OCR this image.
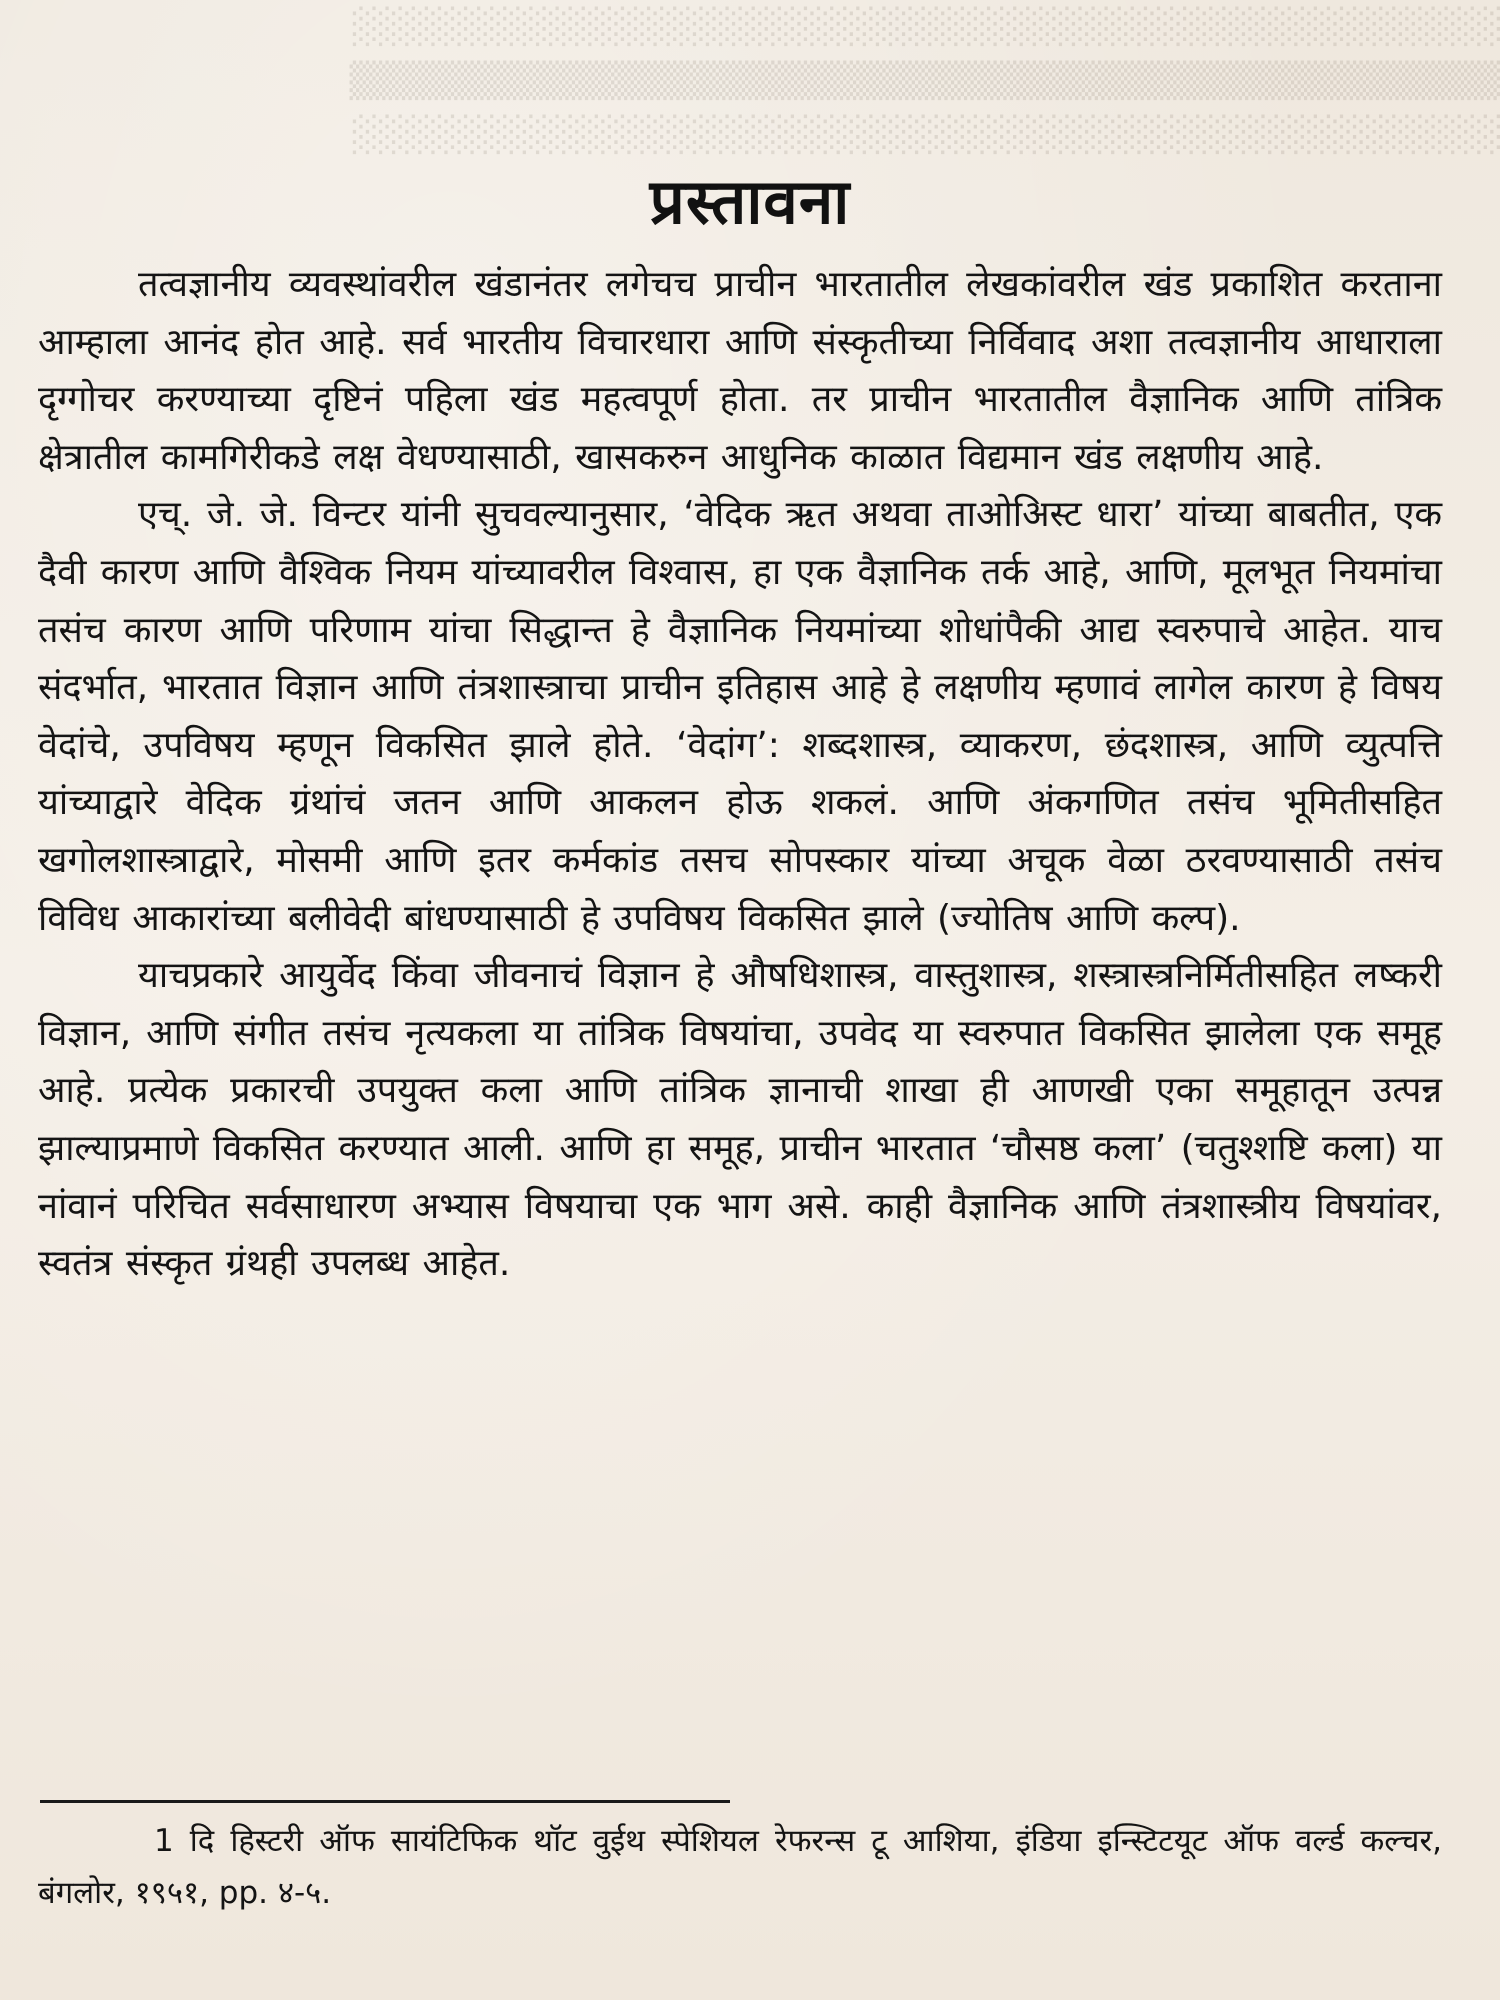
░░░░░░░░░░░░░░░░░░░░░░░░░░░░░░░░░░░░░░░░░░░░
▒▒▒▒▒▒▒▒▒▒▒▒▒▒▒▒▒▒▒▒▒▒▒▒▒▒▒▒▒▒▒▒▒▒▒▒▒▒▒▒▒▒▒▒
░░░░░░░░░░░░░░░░░░░░░░░░░░░░░░░░░░░░░░░░░░░░
प्रस्तावना

तत्वज्ञानीय व्यवस्थांवरील खंडानंतर लगेचच प्राचीन भारतातील लेखकांवरील खंड प्रकाशित करताना आम्हाला आनंद होत आहे. सर्व भारतीय विचारधारा आणि संस्कृतीच्या निर्विवाद अशा तत्वज्ञानीय आधाराला दृग्गोचर करण्याच्या दृष्टिनं पहिला खंड महत्वपूर्ण होता. तर प्राचीन भारतातील वैज्ञानिक आणि तांत्रिक क्षेत्रातील कामगिरीकडे लक्ष वेधण्यासाठी, खासकरुन आधुनिक काळात विद्यमान खंड लक्षणीय आहे.

एच्. जे. जे. विन्टर यांनी सुचवल्यानुसार, ‘वेदिक ऋत अथवा ताओअिस्ट धारा’ यांच्या बाबतीत, एक दैवी कारण आणि वैश्विक नियम यांच्यावरील विश्वास, हा एक वैज्ञानिक तर्क आहे, आणि, मूलभूत नियमांचा तसंच कारण आणि परिणाम यांचा सिद्धान्त हे वैज्ञानिक नियमांच्या शोधांपैकी आद्य स्वरुपाचे आहेत. याच संदर्भात, भारतात विज्ञान आणि तंत्रशास्त्राचा प्राचीन इतिहास आहे हे लक्षणीय म्हणावं लागेल कारण हे विषय वेदांचे, उपविषय म्हणून विकसित झाले होते. ‘वेदांग’: शब्दशास्त्र, व्याकरण, छंदशास्त्र, आणि व्युत्पत्ति यांच्याद्वारे वेदिक ग्रंथांचं जतन आणि आकलन होऊ शकलं. आणि अंकगणित तसंच भूमितीसहित खगोलशास्त्राद्वारे, मोसमी आणि इतर कर्मकांड तसच सोपस्कार यांच्या अचूक वेळा ठरवण्यासाठी तसंच विविध आकारांच्या बलीवेदी बांधण्यासाठी हे उपविषय विकसित झाले (ज्योतिष आणि कल्प).

याचप्रकारे आयुर्वेद किंवा जीवनाचं विज्ञान हे औषधिशास्त्र, वास्तुशास्त्र, शस्त्रास्त्रनिर्मितीसहित लष्करी विज्ञान, आणि संगीत तसंच नृत्यकला या तांत्रिक विषयांचा, उपवेद या स्वरुपात विकसित झालेला एक समूह आहे. प्रत्येक प्रकारची उपयुक्त कला आणि तांत्रिक ज्ञानाची शाखा ही आणखी एका समूहातून उत्पन्न झाल्याप्रमाणे विकसित करण्यात आली. आणि हा समूह, प्राचीन भारतात ‘चौसष्ठ कला’ (चतुश्शष्टि कला) या नांवानं परिचित सर्वसाधारण अभ्यास विषयाचा एक भाग असे. काही वैज्ञानिक आणि तंत्रशास्त्रीय विषयांवर, स्वतंत्र संस्कृत ग्रंथही उपलब्ध आहेत.

1 दि हिस्टरी ऑफ सायंटिफिक थॉट वुईथ स्पेशियल रेफरन्स टू आशिया, इंडिया इन्स्टिटयूट ऑफ वर्ल्ड कल्चर, बंगलोर, १९५१, pp. ४-५.
